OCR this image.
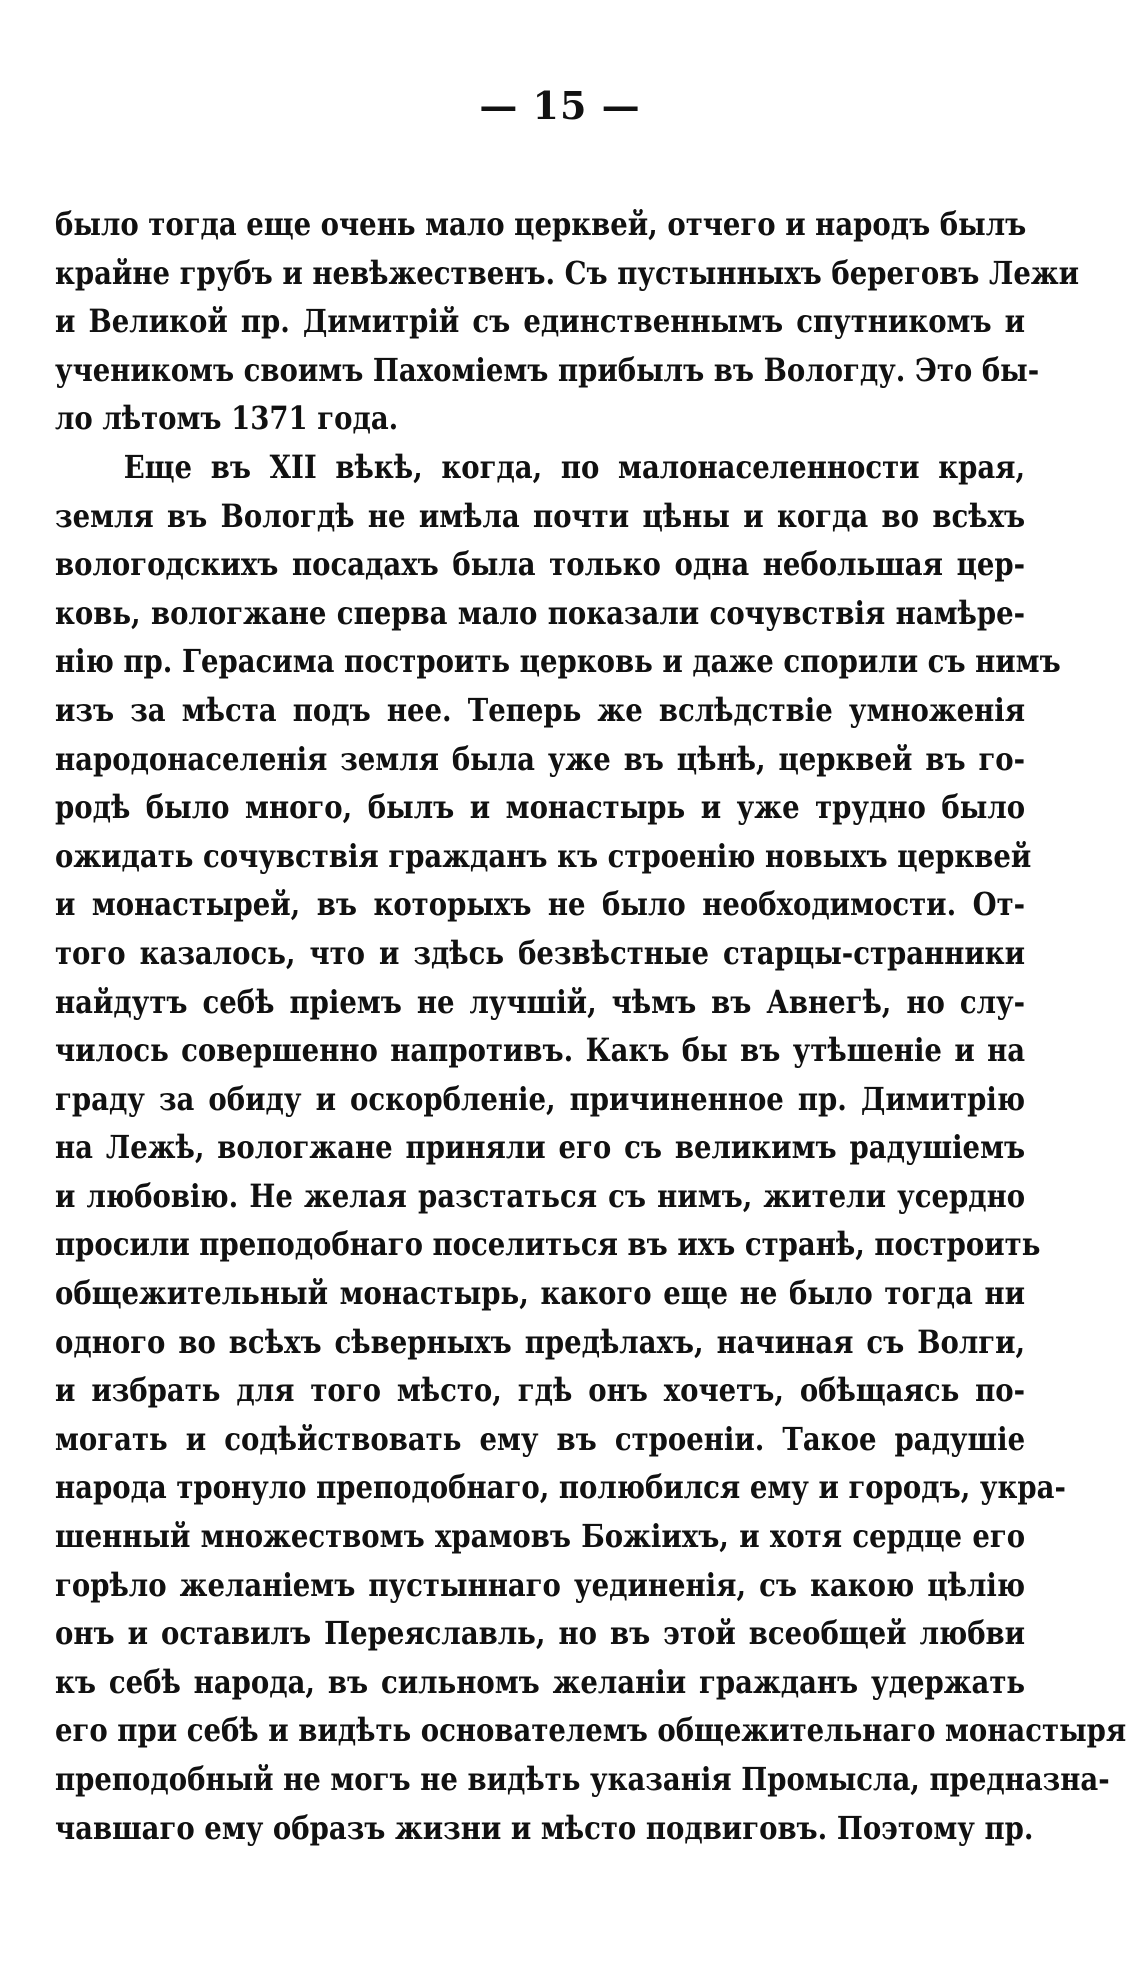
— 15 —
было тогда еще очень мало церквей, отчего и народъ былъ
крайне грубъ и невѣжественъ. Съ пустынныхъ береговъ Лежи
и Великой пр. Димитрій съ единственнымъ спутникомъ и
ученикомъ своимъ Пахоміемъ прибылъ въ Вологду. Это бы-
ло лѣтомъ 1371 года.
Еще въ XII вѣкѣ, когда, по малонаселенности края,
земля въ Вологдѣ не имѣла почти цѣны и когда во всѣхъ
вологодскихъ посадахъ была только одна небольшая цер-
ковь, вологжане сперва мало показали сочувствія намѣре-
нію пр. Герасима построить церковь и даже спорили съ нимъ
изъ за мѣста подъ нее. Теперь же вслѣдствіе умноженія
народонаселенія земля была уже въ цѣнѣ, церквей въ го-
родѣ было много, былъ и монастырь и уже трудно было
ожидать сочувствія гражданъ къ строенію новыхъ церквей
и монастырей, въ которыхъ не было необходимости. От-
того казалось, что и здѣсь безвѣстные старцы-странники
найдутъ себѣ пріемъ не лучшій, чѣмъ въ Авнегѣ, но слу-
чилось совершенно напротивъ. Какъ бы въ утѣшеніе и на
граду за обиду и оскорбленіе, причиненное пр. Димитрію
на Лежѣ, вологжане приняли его съ великимъ радушіемъ
и любовію. Не желая разстаться съ нимъ, жители усердно
просили преподобнаго поселиться въ ихъ странѣ, построить
общежительный монастырь, какого еще не было тогда ни
одного во всѣхъ сѣверныхъ предѣлахъ, начиная съ Волги,
и избрать для того мѣсто, гдѣ онъ хочетъ, обѣщаясь по-
могать и содѣйствовать ему въ строеніи. Такое радушіе
народа тронуло преподобнаго, полюбился ему и городъ, укра-
шенный множествомъ храмовъ Божіихъ, и хотя сердце его
горѣло желаніемъ пустыннаго уединенія, съ какою цѣлію
онъ и оставилъ Переяславль, но въ этой всеобщей любви
къ себѣ народа, въ сильномъ желаніи гражданъ удержать
его при себѣ и видѣть основателемъ общежительнаго монастыря
преподобный не могъ не видѣть указанія Промысла, предназна-
чавшаго ему образъ жизни и мѣсто подвиговъ. Поэтому пр.
